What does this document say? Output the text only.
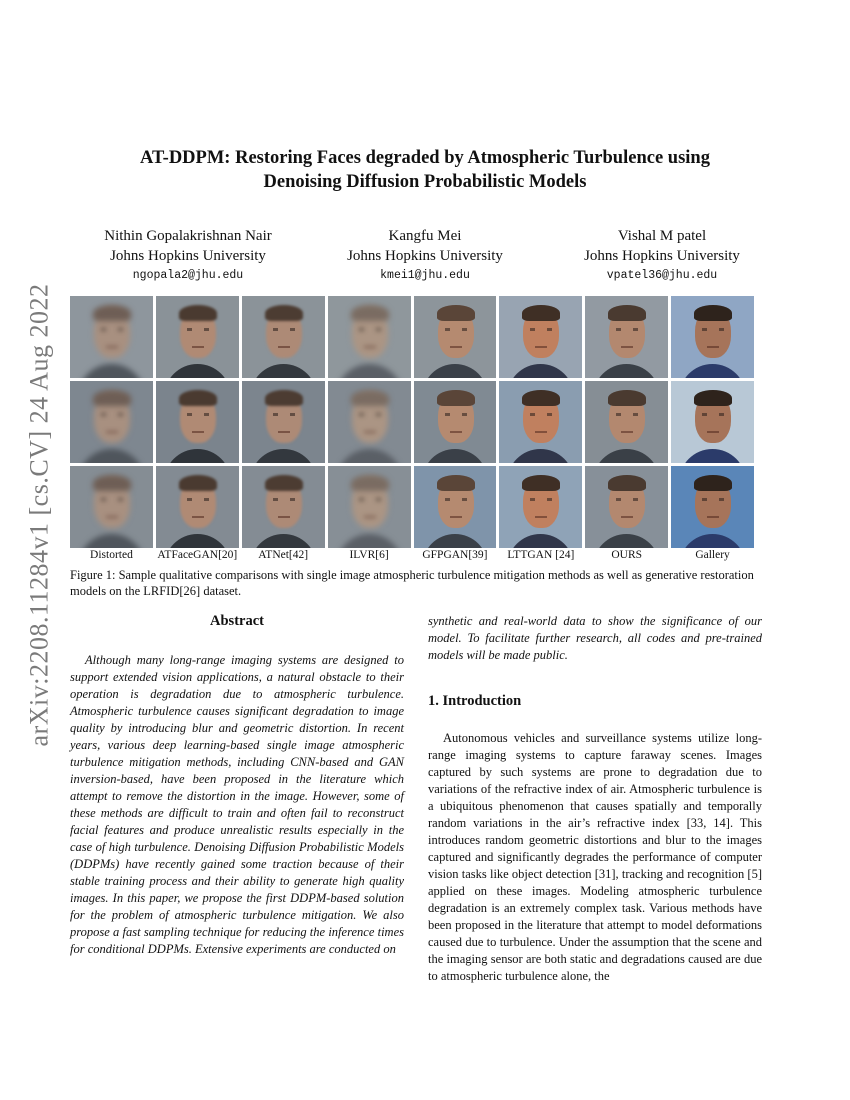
arXiv:2208.11284v1 [cs.CV] 24 Aug 2022
AT-DDPM: Restoring Faces degraded by Atmospheric Turbulence using
Denoising Diffusion Probabilistic Models
Nithin Gopalakrishnan Nair
Johns Hopkins University
ngopala2@jhu.edu
Kangfu Mei
Johns Hopkins University
kmei1@jhu.edu
Vishal M patel
Johns Hopkins University
vpatel36@jhu.edu
Distorted	ATFaceGAN[20]	ATNet[42]	ILVR[6]	GFPGAN[39]	LTTGAN [24]	OURS	Gallery
Figure 1: Sample qualitative comparisons with single image atmospheric turbulence mitigation methods as well as generative restoration models on the LRFID[26] dataset.
Abstract

Although many long-range imaging systems are designed to support extended vision applications, a natural obstacle to their operation is degradation due to atmospheric turbulence. Atmospheric turbulence causes significant degradation to image quality by introducing blur and geometric distortion. In recent years, various deep learning-based single image atmospheric turbulence mitigation methods, including CNN-based and GAN inversion-based, have been proposed in the literature which attempt to remove the distortion in the image. However, some of these methods are difficult to train and often fail to reconstruct facial features and produce unrealistic results especially in the case of high turbulence. Denoising Diffusion Probabilistic Models (DDPMs) have recently gained some traction because of their stable training process and their ability to generate high quality images. In this paper, we propose the first DDPM-based solution for the problem of atmospheric turbulence mitigation. We also propose a fast sampling technique for reducing the inference times for conditional DDPMs. Extensive experiments are conducted on

synthetic and real-world data to show the significance of our model. To facilitate further research, all codes and pre-trained models will be made public.

1. Introduction

Autonomous vehicles and surveillance systems utilize long-range imaging systems to capture faraway scenes. Images captured by such systems are prone to degradation due to variations of the refractive index of air. Atmospheric turbulence is a ubiquitous phenomenon that causes spatially and temporally random variations in the air’s refractive index [33, 14]. This introduces random geometric distortions and blur to the images captured and significantly degrades the performance of computer vision tasks like object detection [31], tracking and recognition [5] applied on these images. Modeling atmospheric turbulence degradation is an extremely complex task. Various methods have been proposed in the literature that attempt to model deformations caused due to turbulence. Under the assumption that the scene and the imaging sensor are both static and degradations caused are due to atmospheric turbulence alone, the
